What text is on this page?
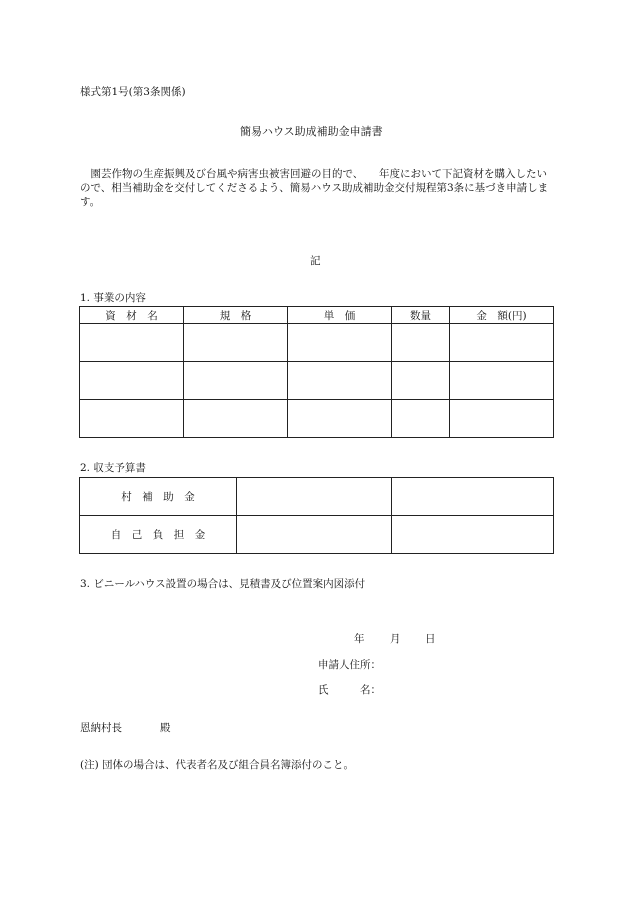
様式第1号(第3条関係)
簡易ハウス助成補助金申請書
園芸作物の生産振興及び台風や病害虫被害回避の目的で、　　年度において下記資材を購入したいので、相当補助金を交付してくださるよう、簡易ハウス助成補助金交付規程第3条に基づき申請します。
記
1. 事業の内容
資　材　名	規　格	単　価	数量	金　額(円)

2. 収支予算書
村　補　助　金		
自　己　負　担　金		
3. ビニールハウス設置の場合は、見積書及び位置案内図添付
年 月 日
申請人住所：
氏　　　名：
恩納村長	殿
(注) 団体の場合は、代表者名及び組合員名簿添付のこと。
